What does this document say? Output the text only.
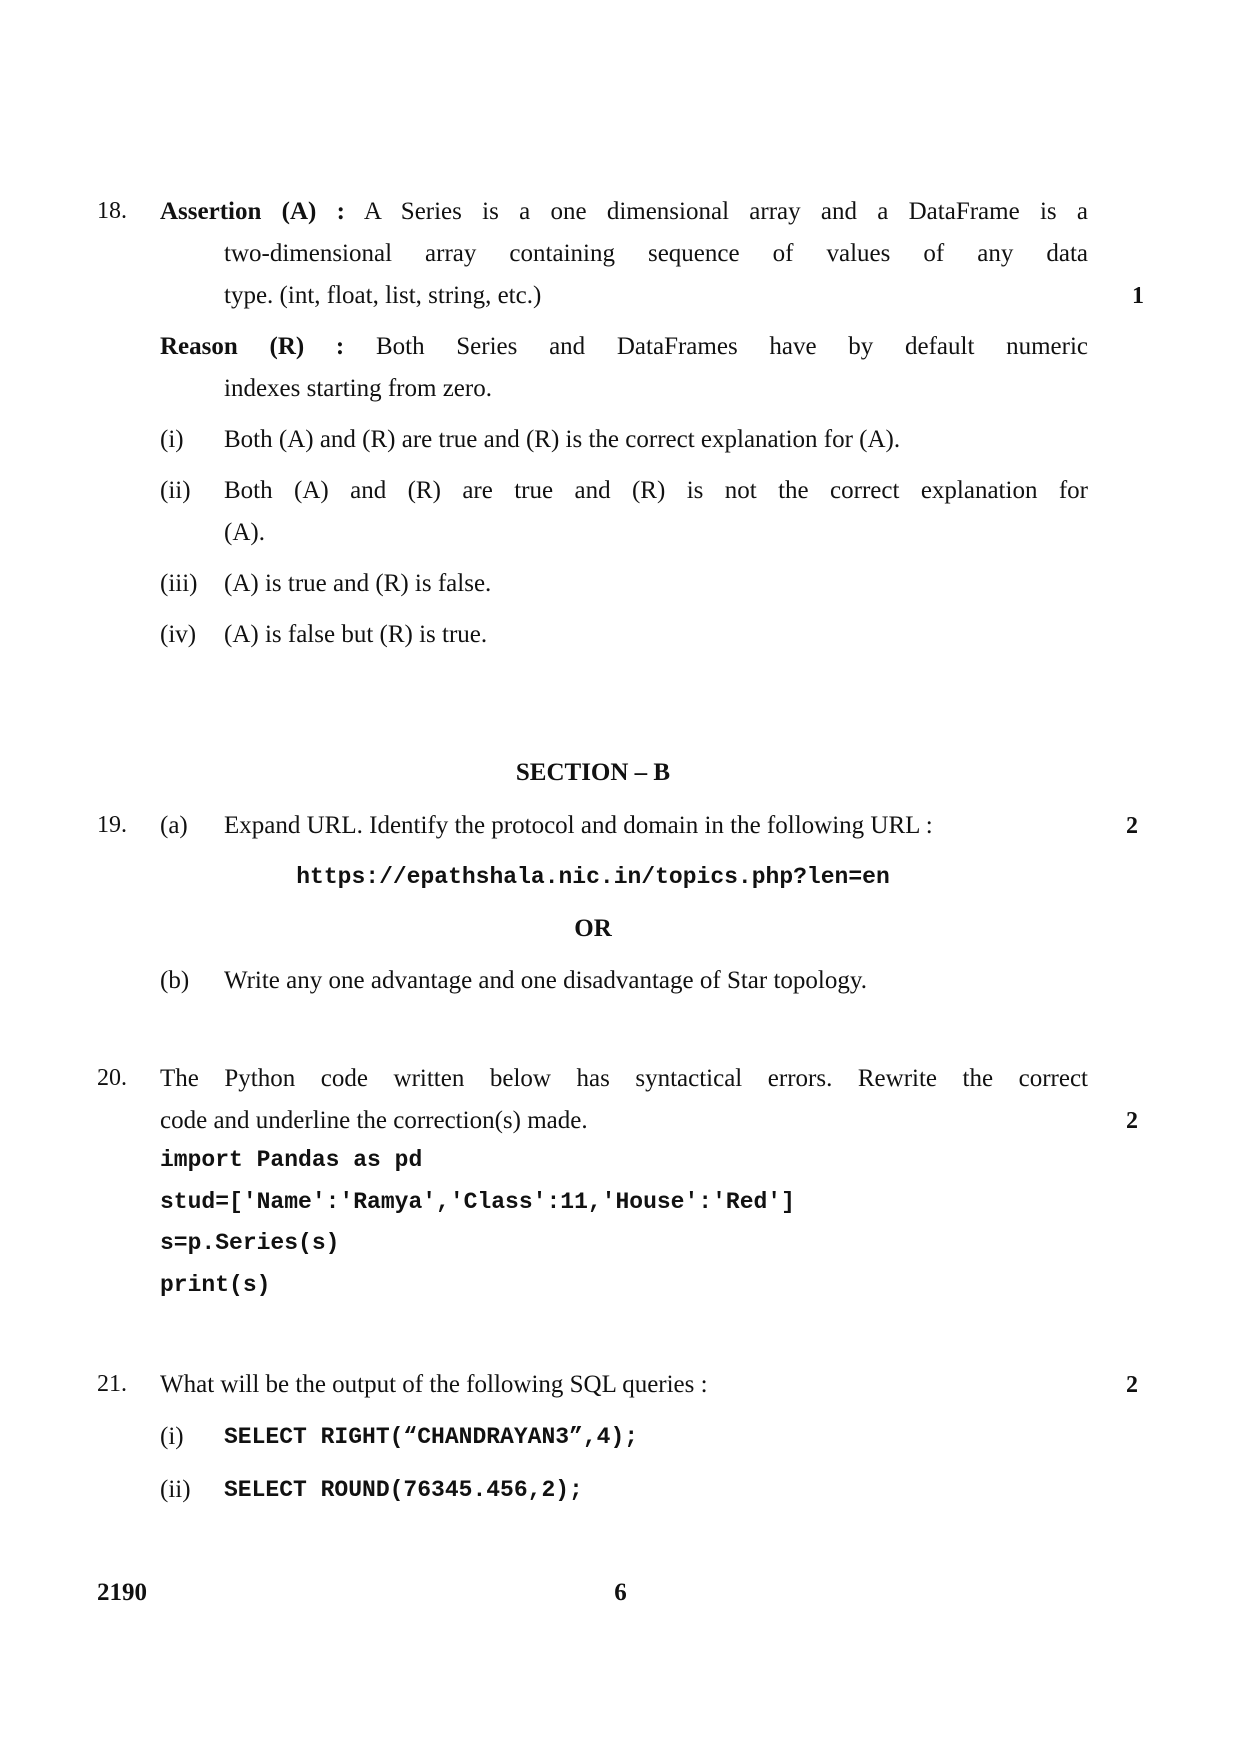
18. Assertion (A) : A Series is a one dimensional array and a DataFrame is a
two-dimensional array containing sequence of values of any data
type. (int, float, list, string, etc.)	1
Reason (R) : Both Series and DataFrames have by default numeric
indexes starting from zero.
(i) Both (A) and (R) are true and (R) is the correct explanation for (A).
(ii) Both (A) and (R) are true and (R) is not the correct explanation for
(A).
(iii) (A) is true and (R) is false.
(iv) (A) is false but (R) is true.
SECTION – B
19. (a) Expand URL. Identify the protocol and domain in the following URL :	2
https://epathshala.nic.in/topics.php?len=en
OR
(b) Write any one advantage and one disadvantage of Star topology.
20. The Python code written below has syntactical errors. Rewrite the correct
code and underline the correction(s) made.	2
import Pandas as pd
stud=['Name':'Ramya','Class':11,'House':'Red']
s=p.Series(s)
print(s)
21. What will be the output of the following SQL queries :	2
(i) SELECT RIGHT(“CHANDRAYAN3”,4);
(ii) SELECT ROUND(76345.456,2);
2190	6
